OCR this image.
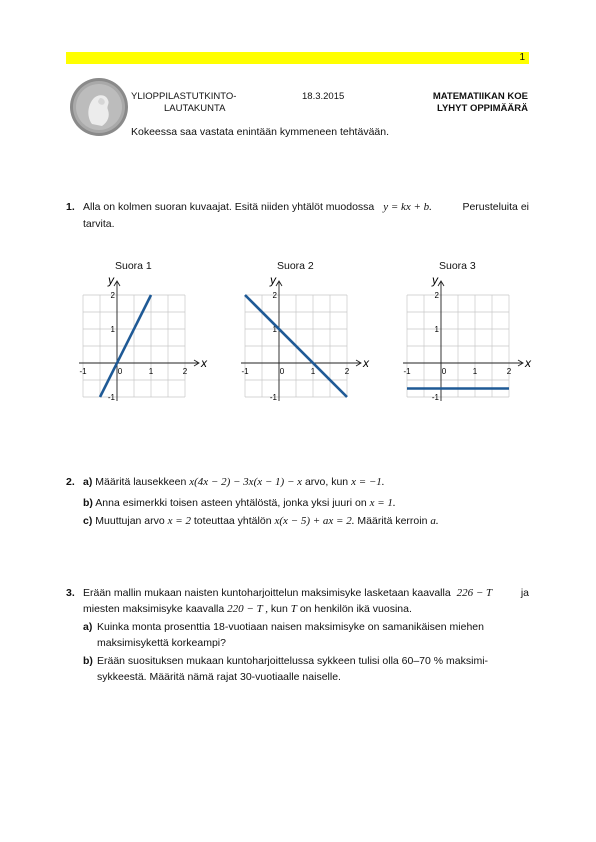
1
YLIOPPILASTUTKINTO-
LAUTAKUNTA
18.3.2015	MATEMATIIKAN KOE
LYHYT OPPIMÄÄRÄ
Kokeessa saa vastata enintään kymmeneen tehtävään.
1. Alla on kolmen suoran kuvaajat. Esitä niiden yhtälöt muodossa y = kx + b.	Perusteluita ei
tarvita.
Suora 1	Suora 2	Suora 3
x
y
-1	0	1	2
-1
1
2
x
y
-1	0	1	2
-1
1
2
x
y
-1	0	1	2
-1
1
2
2. a) Määritä lausekkeen x(4x − 2) − 3x(x − 1) − x arvo, kun x = −1.
b) Anna esimerkki toisen asteen yhtälöstä, jonka yksi juuri on x = 1.
c) Muuttujan arvo x = 2 toteuttaa yhtälön x(x − 5) + ax = 2. Määritä kerroin a.
3. Erään mallin mukaan naisten kuntoharjoittelun maksimisyke lasketaan kaavalla 226 − T	ja
miesten maksimisyke kaavalla 220 − T , kun T on henkilön ikä vuosina.
a) Kuinka monta prosenttia 18-vuotiaan naisen maksimisyke on samanikäisen miehen
maksimisykettä korkeampi?
b) Erään suosituksen mukaan kuntoharjoittelussa sykkeen tulisi olla 60–70 % maksimi-
sykkeestä. Määritä nämä rajat 30-vuotiaalle naiselle.
